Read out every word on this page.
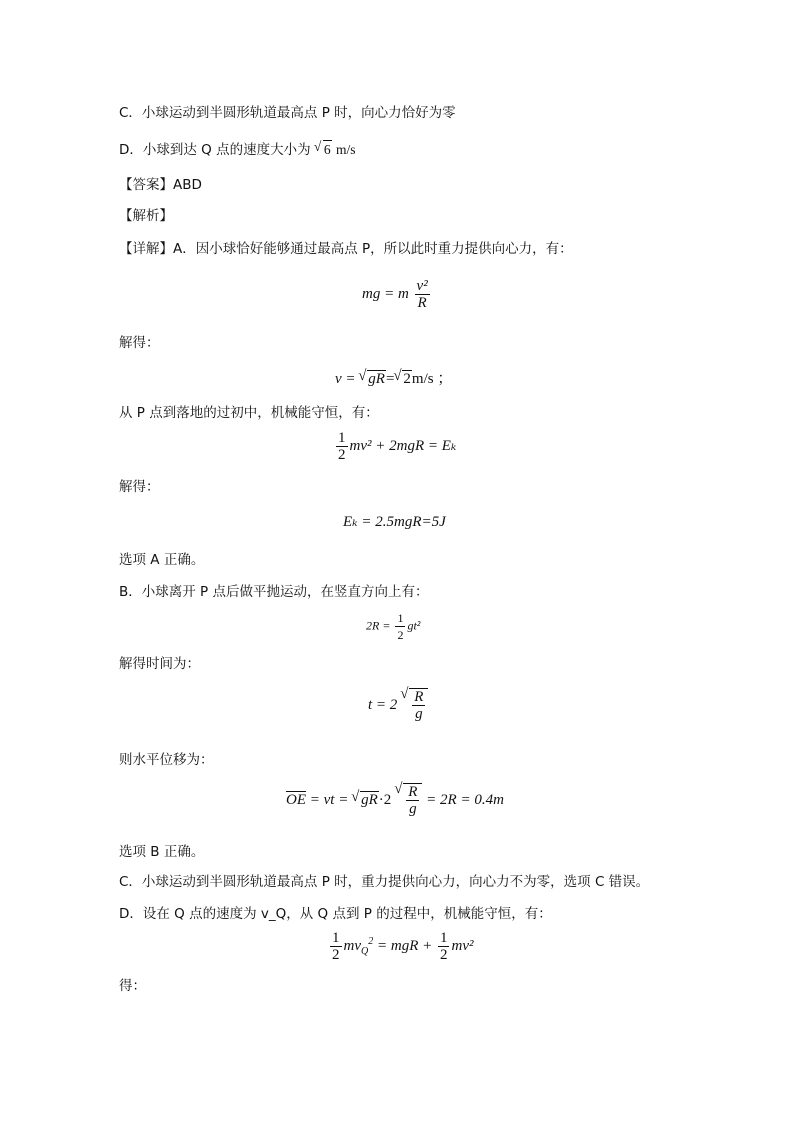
C．小球运动到半圆形轨道最高点 P 时，向心力恰好为零
D．小球到达 Q 点的速度大小为 √ 6 m/s
【答案】ABD
【解析】
【详解】A．因小球恰好能够通过最高点 P，所以此时重力提供向心力，有：
mg = m $\frac{\text{v²}}{R}$
解得：
v = √ gR= √ 2m/s ；
从 P 点到落地的过初中，机械能守恒，有：
$\frac{1}{2} mv^2 + 2mgR = E_k$
解得：
Eₖ = 2.5mgR=5J
选项 A 正确。
B．小球离开 P 点后做平抛运动，在竖直方向上有：
$2R = \frac{1}{2} gt^2$
解得时间为：
t = 2 √ $\frac{R}{g}$
则水平位移为：
OE = vt = √ gR·2 √ $\frac{R}{g} = 2R = 0.4m$
选项 B 正确。
C．小球运动到半圆形轨道最高点 P 时，重力提供向心力，向心力不为零，选项 C 错误。
D．设在 Q 点的速度为 v_Q，从 Q 点到 P 的过程中，机械能守恒，有：
$\frac{1}{2} mv_Q^2$ = mgR + $\frac{1}{2} mv^2$
得：
